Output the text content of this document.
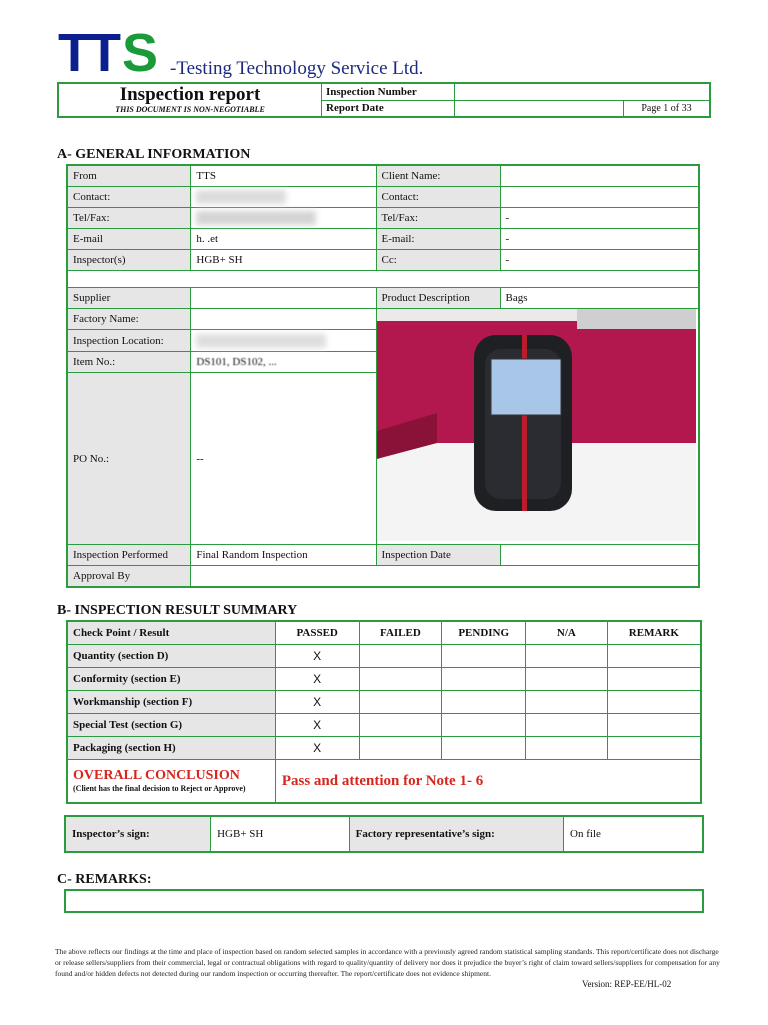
TT S -Testing Technology Service Ltd.
Inspection report
THIS DOCUMENT IS NON-NEGOTIABLE	Inspection Number		
	Report Date		Page 1 of 33
A- GENERAL INFORMATION
From	TTS	Client Name:	
Contact:		Contact:	
Tel/Fax:		Tel/Fax:	-
E-mail	h. .et	E-mail:	-
Inspector(s)	HGB+ SH	Cc:	-

Supplier		Product Description	Bags
Factory Name:		
Inspection Location:			

Item No.:	DS101, DS102, ...		
PO No.:	--		
Inspection Performed	Final Random Inspection	Inspection Date	
Approval By			
B- INSPECTION RESULT SUMMARY
Check Point / Result	PASSED	FAILED	PENDING	N/A	REMARK
Quantity (section D)	X				
Conformity (section E)	X				
Workmanship (section F)	X				
Special Test (section G)	X				
Packaging (section H)	X				

OVERALL CONCLUSION
(Client has the final decision to Reject or Approve)	Pass and attention for Note 1- 6				
Inspector’s sign:	HGB+ SH	Factory representative’s sign:	On file
C- REMARKS:
The above reflects our findings at the time and place of inspection based on random selected samples in accordance with a previously agreed random statistical sampling standards. This report/certificate does not discharge or release sellers/suppliers from their commercial, legal or contractual obligations with regard to quality/quantity of delivery nor does it prejudice the buyer’s right of claim toward sellers/suppliers for compensation for any found and/or hidden defects not detected during our random inspection or occurring thereafter. The report/certificate does not evidence shipment.
Version: REP-EE/HL-02
